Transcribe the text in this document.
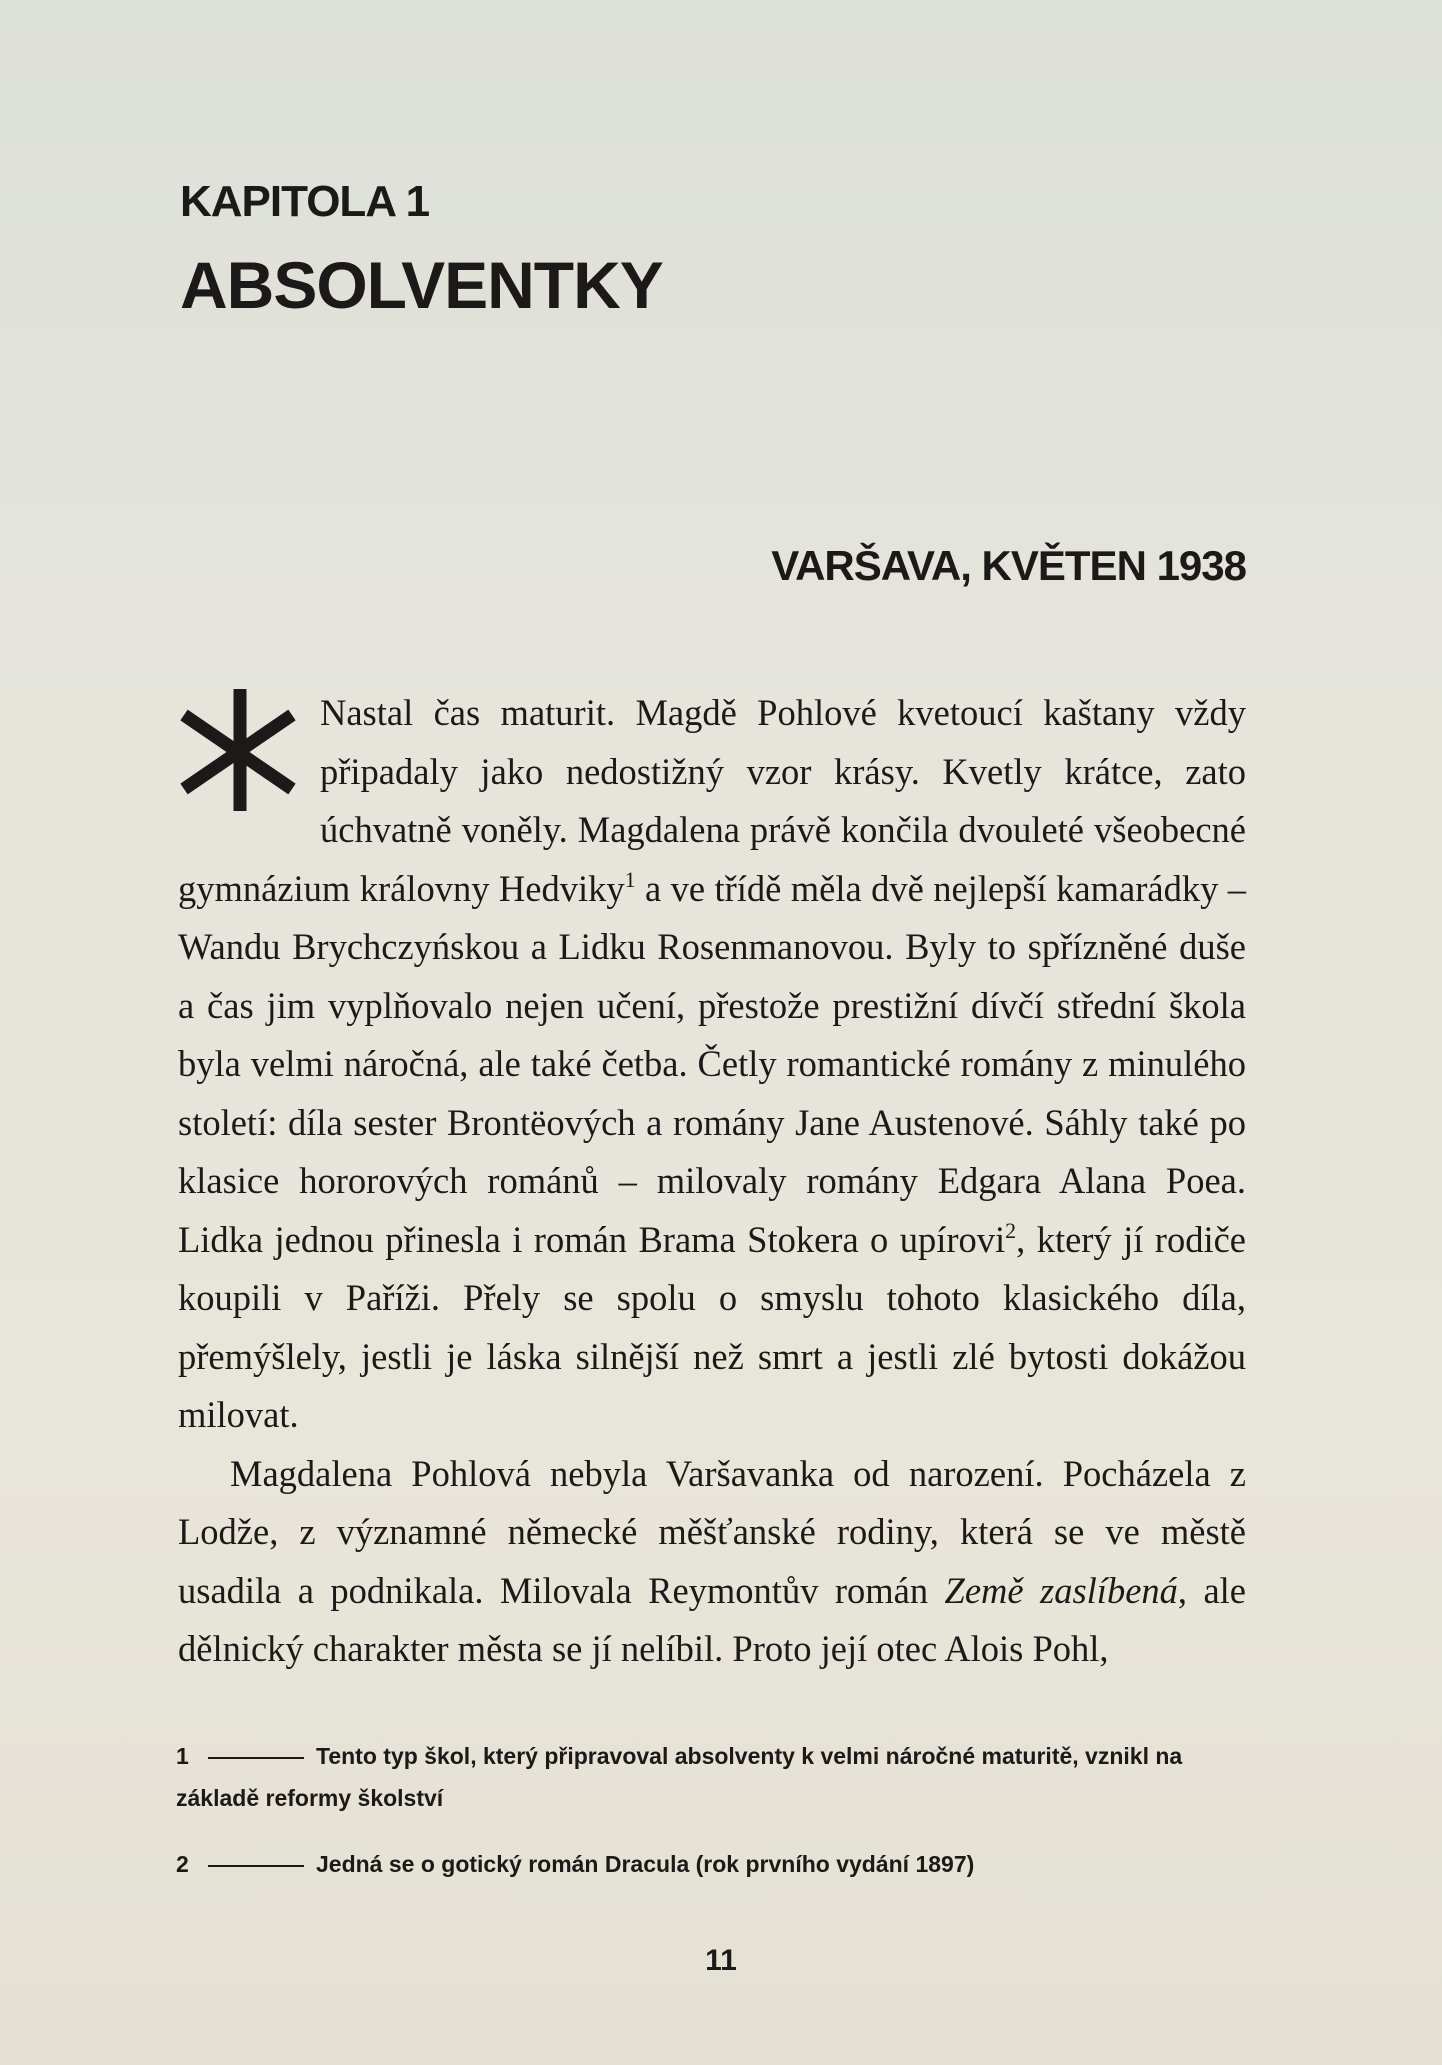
KAPITOLA 1
ABSOLVENTKY
VARŠAVA, KVĚTEN 1938

Nastal čas maturit. Magdě Pohlové kvetoucí kaštany vždy připadaly jako nedostižný vzor krásy. Kvetly krátce, zato úchvatně voněly. Magdalena právě končila dvouleté všeobecné gymnázium královny Hedviky$^1$ a ve třídě měla dvě nejlepší kamarádky – Wandu Brychczyńskou a Lidku Rosenmanovou. Byly to spřízněné duše a čas jim vyplňovalo nejen učení, přestože prestižní dívčí střední škola byla velmi náročná, ale také četba. Četly romantické romány z minulého století: díla sester Brontëových a romány Jane Austenové. Sáhly také po klasice hororových románů – milovaly romány Edgara Alana Poea. Lidka jednou přinesla i román Brama Stokera o upírovi$^2$, který jí rodiče koupili v Paříži. Přely se spolu o smyslu tohoto klasického díla, přemýšlely, jestli je láska silnější než smrt a jestli zlé bytosti dokážou milovat.

Magdalena Pohlová nebyla Varšavanka od narození. Pocházela z Lodže, z významné německé měšťanské rodiny, která se ve městě usadila a podnikala. Milovala Reymontův román Země zaslíbená, ale dělnický charakter města se jí nelíbil. Proto její otec Alois Pohl,

1	Tento typ škol, který připravoval absolventy k velmi náročné maturitě, vznikl na základě reformy školství

2	Jedná se o gotický román Dracula (rok prvního vydání 1897)

11
